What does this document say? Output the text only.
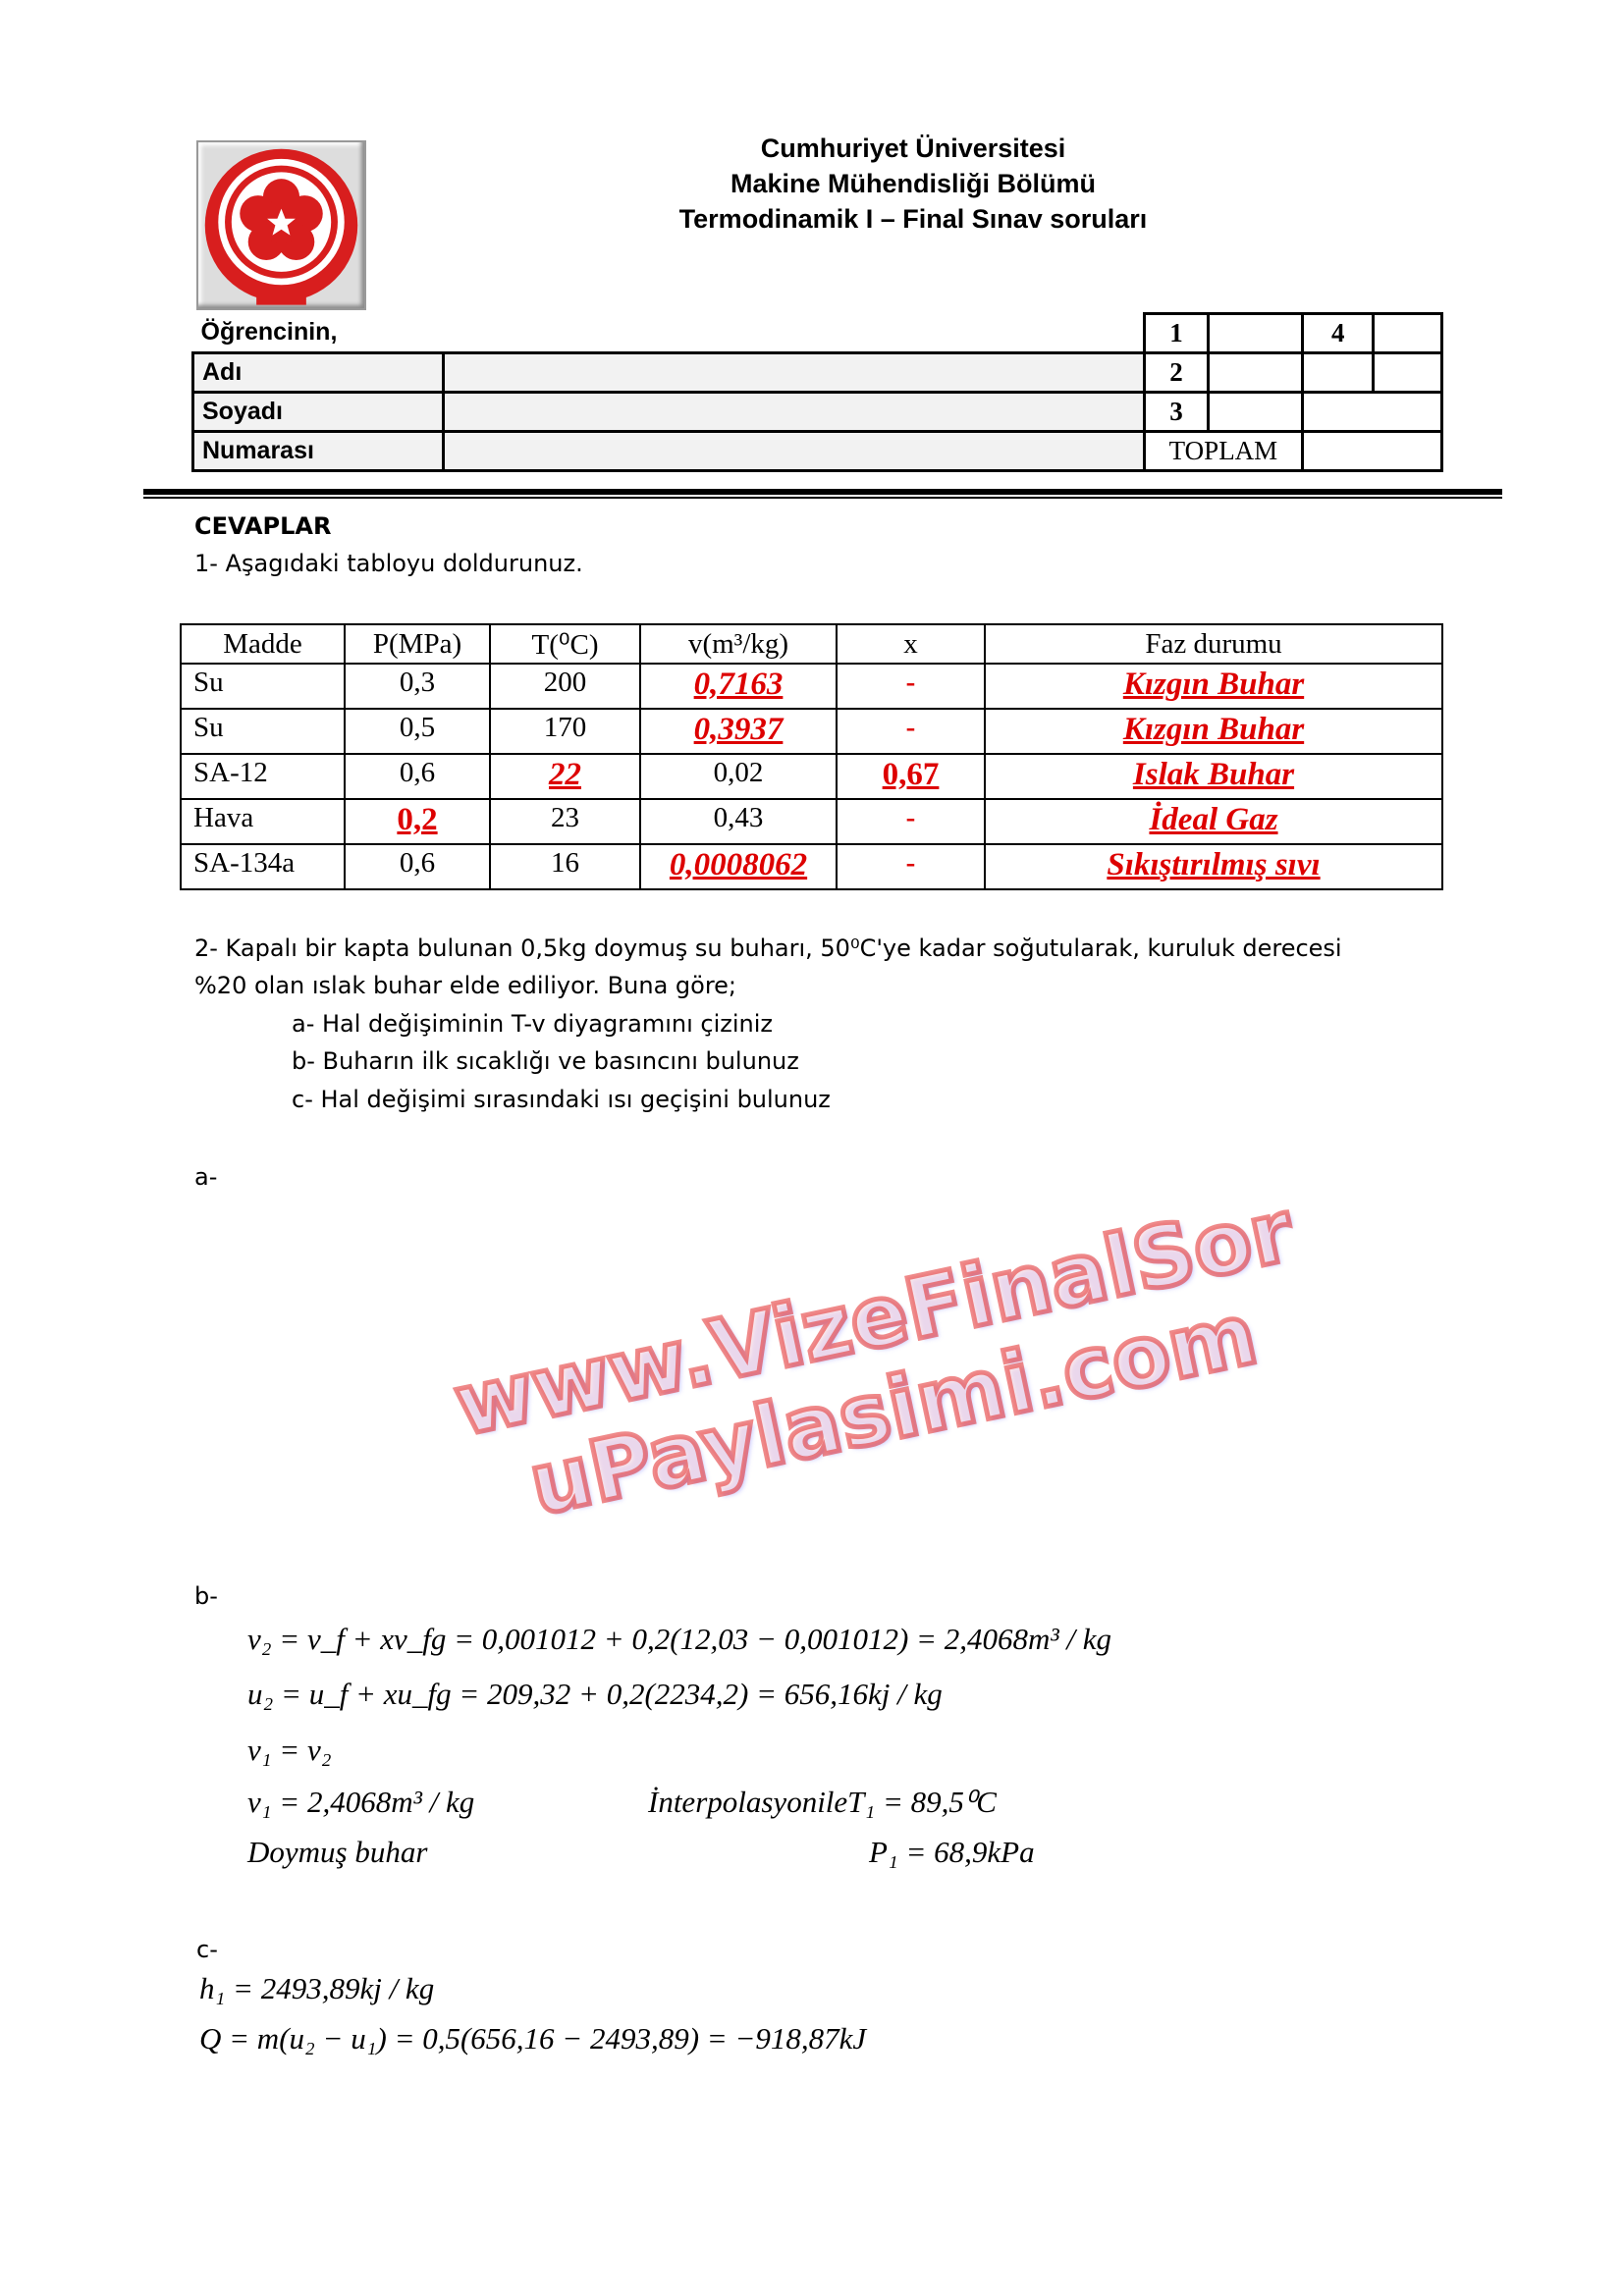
Cumhuriyet Üniversitesi
Makine Mühendisliği Bölümü
Termodinamik I – Final Sınav soruları
Öğrencinin,		1		4	
Adı		2			
Soyadı		3			
Numarası		TOPLAM			
CEVAPLAR
1- Aşagıdaki tabloyu doldurunuz.
Madde	P(MPa)	T(⁰C)	v(m³/kg)	x	Faz durumu
Su	0,3	200	0,7163	-	Kızgın Buhar
Su	0,5	170	0,3937	-	Kızgın Buhar
SA-12	0,6	22	0,02	0,67	Islak Buhar
Hava	0,2	23	0,43	-	İdeal Gaz
SA-134a	0,6	16	0,0008062	-	Sıkıştırılmış sıvı
2- Kapalı bir kapta bulunan 0,5kg doymuş su buharı, 50⁰C'ye kadar soğutularak, kuruluk derecesi
%20 olan ıslak buhar elde ediliyor. Buna göre;
a- Hal değişiminin T-v diyagramını çiziniz
b- Buharın ilk sıcaklığı ve basıncını bulunuz
c- Hal değişimi sırasındaki ısı geçişini bulunuz
a-
b-
v₂ = v_f + xv_fg = 0,001012 + 0,2(12,03 − 0,001012) = 2,4068m³ / kg
u₂ = u_f + xu_fg = 209,32 + 0,2(2234,2) = 656,16kj / kg
v₁ = v₂
v₁ = 2,4068m³ / kg	İnterpolasyonileT₁ = 89,5⁰C
Doymuş buhar	P₁ = 68,9kPa
c-
h₁ = 2493,89kj / kg
Q = m(u₂ − u₁) = 0,5(656,16 − 2493,89) = −918,87kJ
www.VizeFinalSoruPaylasimi.com
